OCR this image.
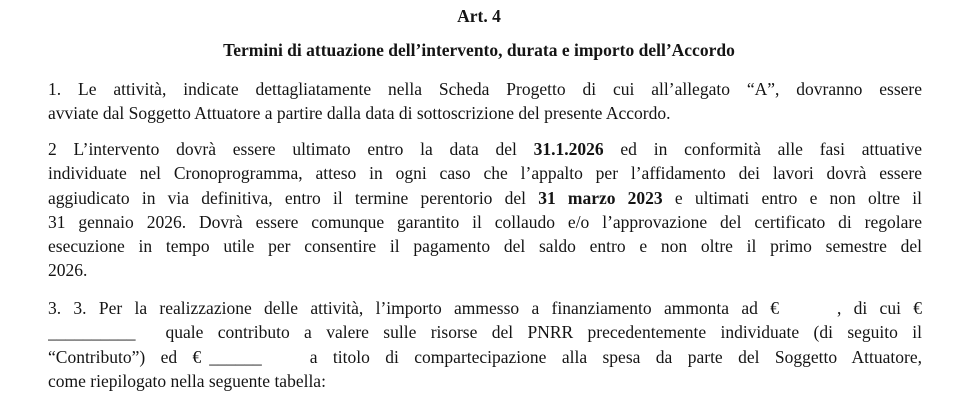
Art. 4
Termini di attuazione dell’intervento, durata e importo dell’Accordo
1. Le attività, indicate dettagliatamente nella Scheda Progetto di cui all’allegato “A”, dovranno essere
avviate dal Soggetto Attuatore a partire dalla data di sottoscrizione del presente Accordo.
2 L’intervento dovrà essere ultimato entro la data del 31.1.2026 ed in conformità alle fasi attuative
individuate nel Cronoprogramma, atteso in ogni caso che l’appalto per l’affidamento dei lavori dovrà essere
aggiudicato in via definitiva, entro il termine perentorio del 31 marzo 2023 e ultimati entro e non oltre il
31 gennaio 2026. Dovrà essere comunque garantito il collaudo e/o l’approvazione del certificato di regolare
esecuzione in tempo utile per consentire il pagamento del saldo entro e non oltre il primo semestre del
2026.
3. 3. Per la realizzazione delle attività, l’importo ammesso a finanziamento ammonta ad €	, di cui €
__________ quale contributo a valere sulle risorse del PNRR precedentemente individuate (di seguito il
“Contributo”) ed € ______	a titolo di compartecipazione alla spesa da parte del Soggetto Attuatore,
come riepilogato nella seguente tabella:
